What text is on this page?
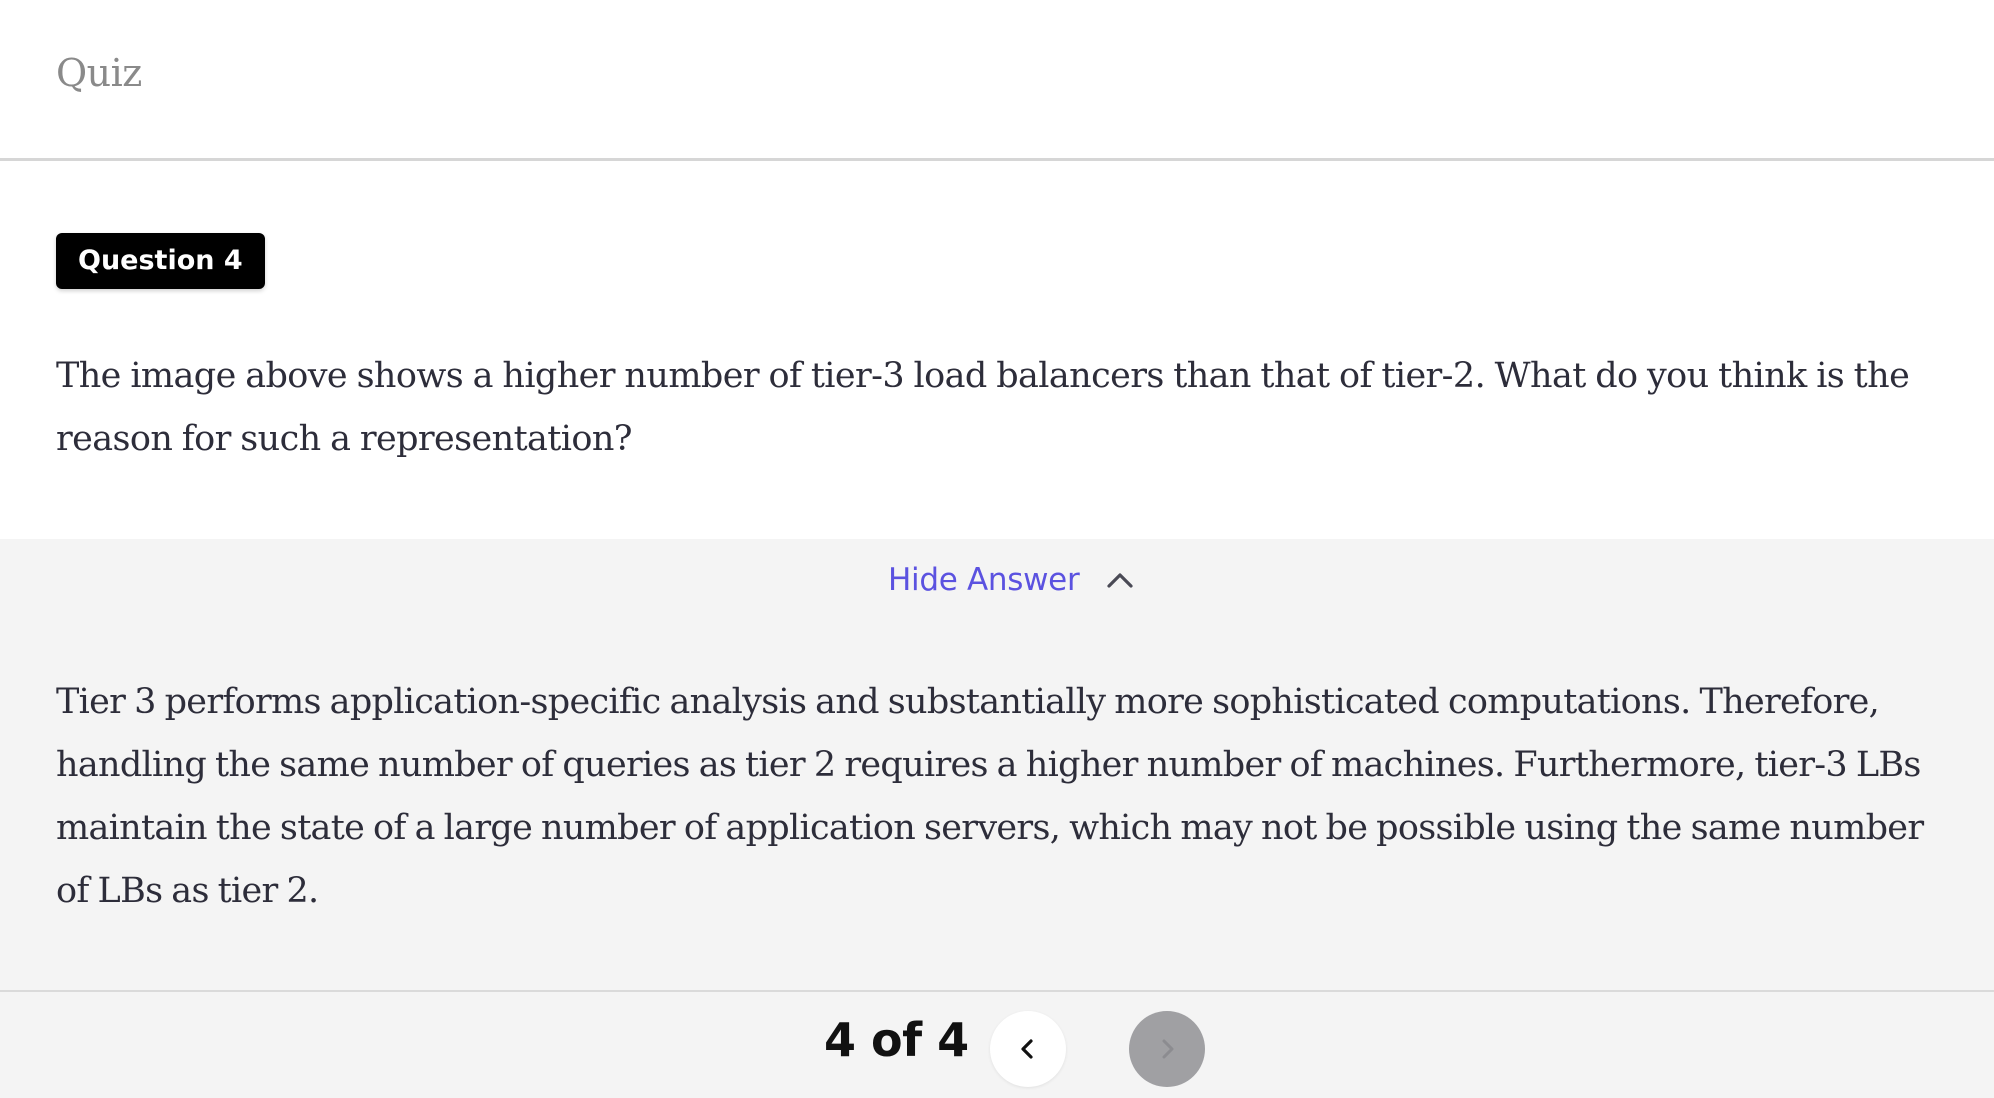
Quiz
Question 4
The image above shows a higher number of tier-3 load balancers than that of tier-2. What do you think is the reason for such a representation?
Hide Answer
Tier 3 performs application-specific analysis and substantially more sophisticated computations. Therefore, handling the same number of queries as tier 2 requires a higher number of machines. Furthermore, tier-3 LBs maintain the state of a large number of application servers, which may not be possible using the same number of LBs as tier 2.
4 of 4
